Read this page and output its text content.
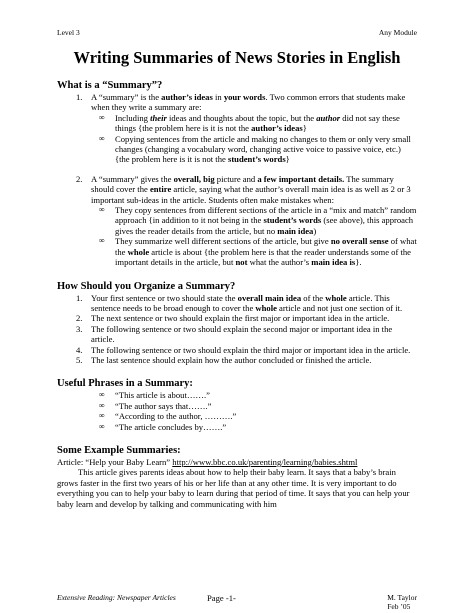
Level 3	Any Module
Writing Summaries of News Stories in English
What is a “Summary”?
1. A “summary” is the author’s ideas in your words. Two common errors that students make when they write a summary are:
∞ Including their ideas and thoughts about the topic, but the author did not say these things {the problem here is it is not the author’s ideas}
∞ Copying sentences from the article and making no changes to them or only very small changes (changing a vocabulary word, changing active voice to passive voice, etc.) {the problem here is it is not the student’s words}
2. A “summary” gives the overall, big picture and a few important details. The summary should cover the entire article, saying what the author’s overall main idea is as well as 2 or 3 important sub-ideas in the article. Students often make mistakes when:
∞ They copy sentences from different sections of the article in a “mix and match” random approach {in addition to it not being in the student’s words (see above), this approach gives the reader details from the article, but no main idea)
∞ They summarize well different sections of the article, but give no overall sense of what the whole article is about {the problem here is that the reader understands some of the important details in the article, but not what the author’s main idea is}.
How Should you Organize a Summary?
1. Your first sentence or two should state the overall main idea of the whole article. This sentence needs to be broad enough to cover the whole article and not just one section of it.
2. The next sentence or two should explain the first major or important idea in the article.
3. The following sentence or two should explain the second major or important idea in the article.
4. The following sentence or two should explain the third major or important idea in the article.
5. The last sentence should explain how the author concluded or finished the article.
Useful Phrases in a Summary:
∞ “This article is about…….”
∞ “The author says that…….”
∞ “According to the author, ……….”
∞ “The article concludes by…….”
Some Example Summaries:
Article: “Help your Baby Learn” http://www.bbc.co.uk/parenting/learning/babies.shtml
This article gives parents ideas about how to help their baby learn. It says that a baby’s brain grows faster in the first two years of his or her life than at any other time. It is very important to do everything you can to help your baby to learn during that period of time. It says that you can help your baby learn and develop by talking and communicating with him
Extensive Reading: Newspaper Articles	Page -1-	M. Taylor
Feb ’05
